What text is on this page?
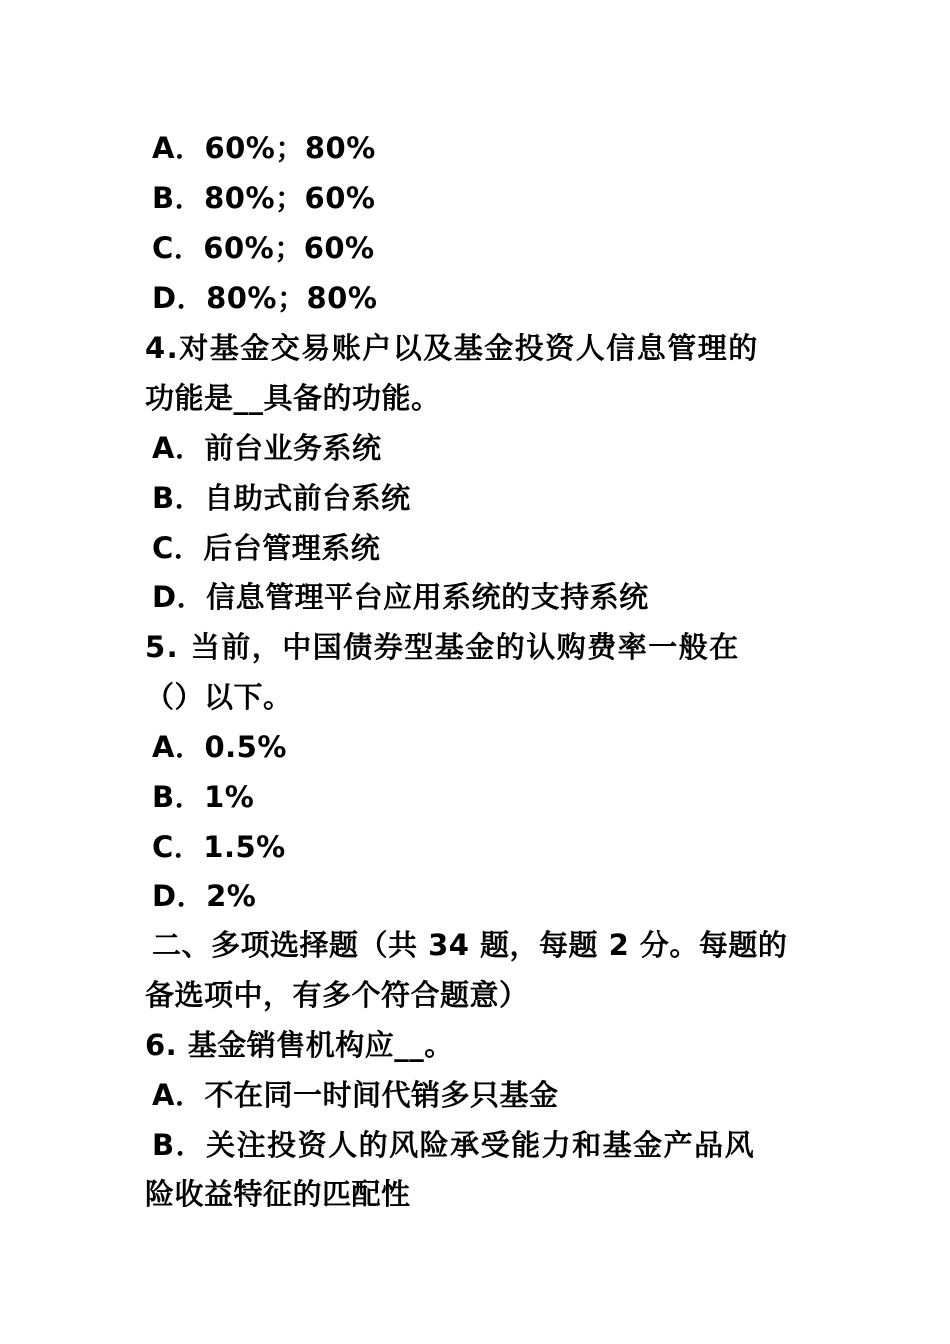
A．60%；80%
B．80%；60%
C．60%；60%
D．80%；80%
4.对基金交易账户以及基金投资人信息管理的
功能是__具备的功能。
A．前台业务系统
B．自助式前台系统
C．后台管理系统
D．信息管理平台应用系统的支持系统
5. 当前，中国债券型基金的认购费率一般在
（）以下。
A．0.5%
B．1%
C．1.5%
D．2%
二、多项选择题（共 34 题，每题 2 分。每题的
备选项中，有多个符合题意）
6. 基金销售机构应__。
A．不在同一时间代销多只基金
B．关注投资人的风险承受能力和基金产品风
险收益特征的匹配性
